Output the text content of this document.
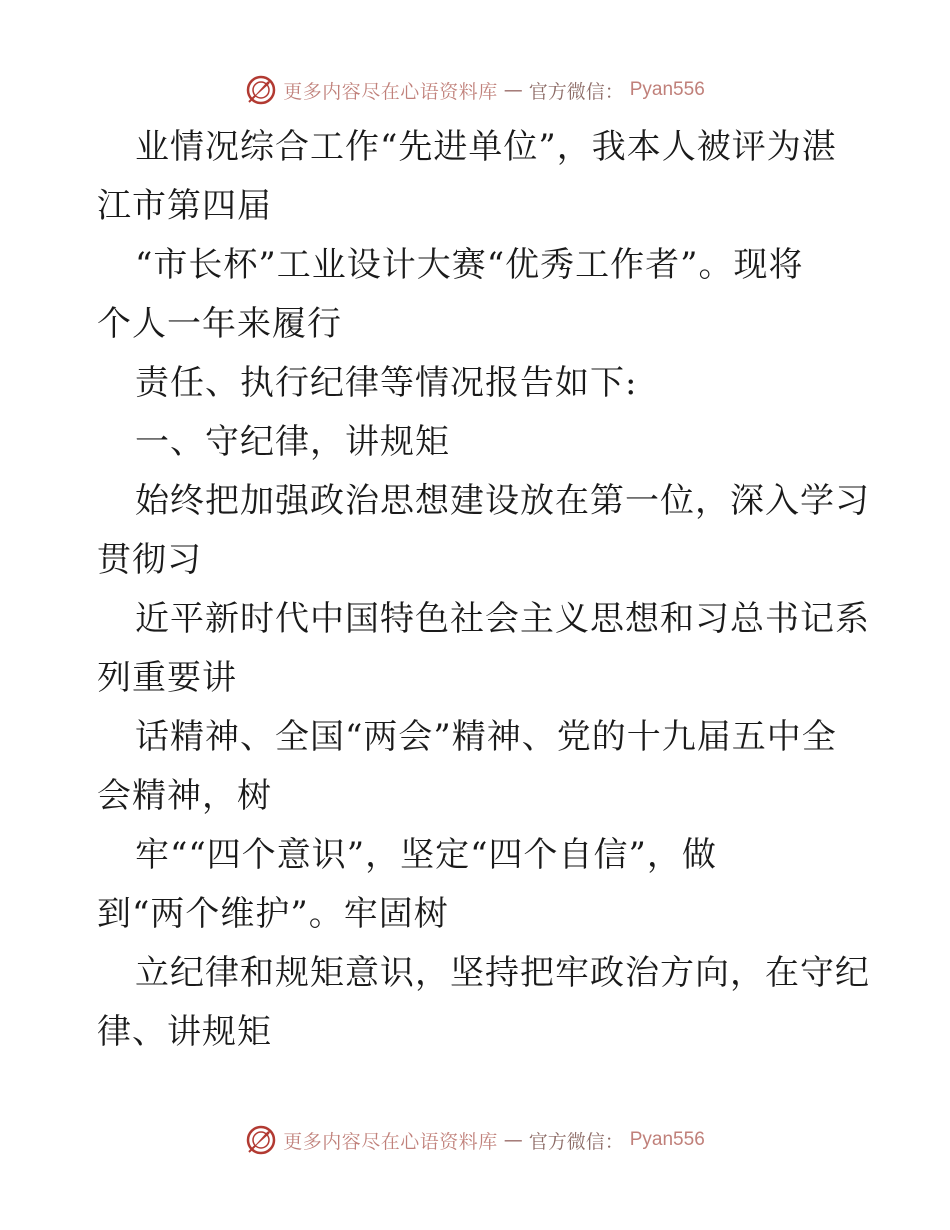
更多内容尽在心语资料库 — 官方微信： Pyan556
业情况综合工作“先进单位”，我本人被评为湛
江市第四届
“市长杯”工业设计大赛“优秀工作者”。现将
个人一年来履行
责任、执行纪律等情况报告如下:
一、守纪律，讲规矩
始终把加强政治思想建设放在第一位，深入学习
贯彻习
近平新时代中国特色社会主义思想和习总书记系
列重要讲
话精神、全国“两会”精神、党的十九届五中全
会精神，树
牢““四个意识”，坚定“四个自信”，做
到“两个维护”。牢固树
立纪律和规矩意识，坚持把牢政治方向，在守纪
律、讲规矩
更多内容尽在心语资料库 — 官方微信： Pyan556
